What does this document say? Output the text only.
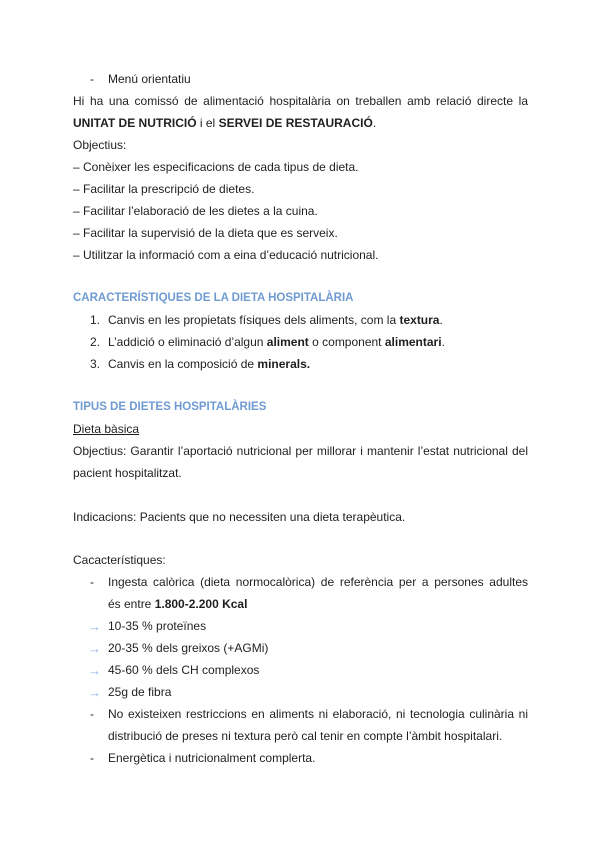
-	Menú orientatiu
Hi ha una comissó de alimentació hospitalària on treballen amb relació directe la
UNITAT DE NUTRICIÓ i el SERVEI DE RESTAURACIÓ.
Objectius:
– Conèixer les especificacions de cada tipus de dieta.
– Facilitar la prescripció de dietes.
– Facilitar l’elaboració de les dietes a la cuina.
– Facilitar la supervisió de la dieta que es serveix.
– Utilitzar la informació com a eina d’educació nutricional.
CARACTERÍSTIQUES DE LA DIETA HOSPITALÀRIA
1. Canvis en les propietats físiques dels aliments, com la textura.
2. L’addició o eliminació d’algun aliment o component alimentari.
3. Canvis en la composició de minerals.
TIPUS DE DIETES HOSPITALÀRIES
Dieta bàsica
Objectius: Garantir l’aportació nutricional per millorar i mantenir l’estat nutricional del
pacient hospitalitzat.
Indicacions: Pacients que no necessiten una dieta terapèutica.
Cacacterístiques:
-	Ingesta calòrica (dieta normocalòrica) de referència per a persones adultes
és entre 1.800-2.200 Kcal
→ 10-35 % proteïnes
→ 20-35 % dels greixos (+AGMi)
→ 45-60 % dels CH complexos
→ 25g de fibra
-	No existeixen restriccions en aliments ni elaboració, ni tecnologia culinària ni
distribució de preses ni textura però cal tenir en compte l’àmbit hospitalari.
-	Energètica i nutricionalment complerta.
